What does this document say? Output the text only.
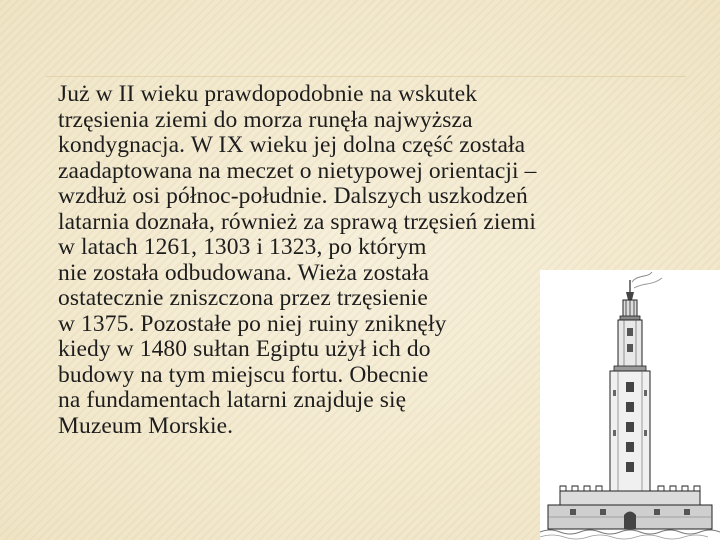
Już w II wieku prawdopodobnie na wskutek
trzęsienia ziemi do morza runęła najwyższa
kondygnacja. W IX wieku jej dolna część została
zaadaptowana na meczet o nietypowej orientacji –
wzdłuż osi północ-południe. Dalszych uszkodzeń
latarnia doznała, również za sprawą trzęsień ziemi
w latach 1261, 1303 i 1323, po którym
nie została odbudowana. Wieża została
ostatecznie zniszczona przez trzęsienie
w 1375. Pozostałe po niej ruiny zniknęły
kiedy w 1480 sułtan Egiptu użył ich do
budowy na tym miejscu fortu. Obecnie
na fundamentach latarni znajduje się
Muzeum Morskie.
